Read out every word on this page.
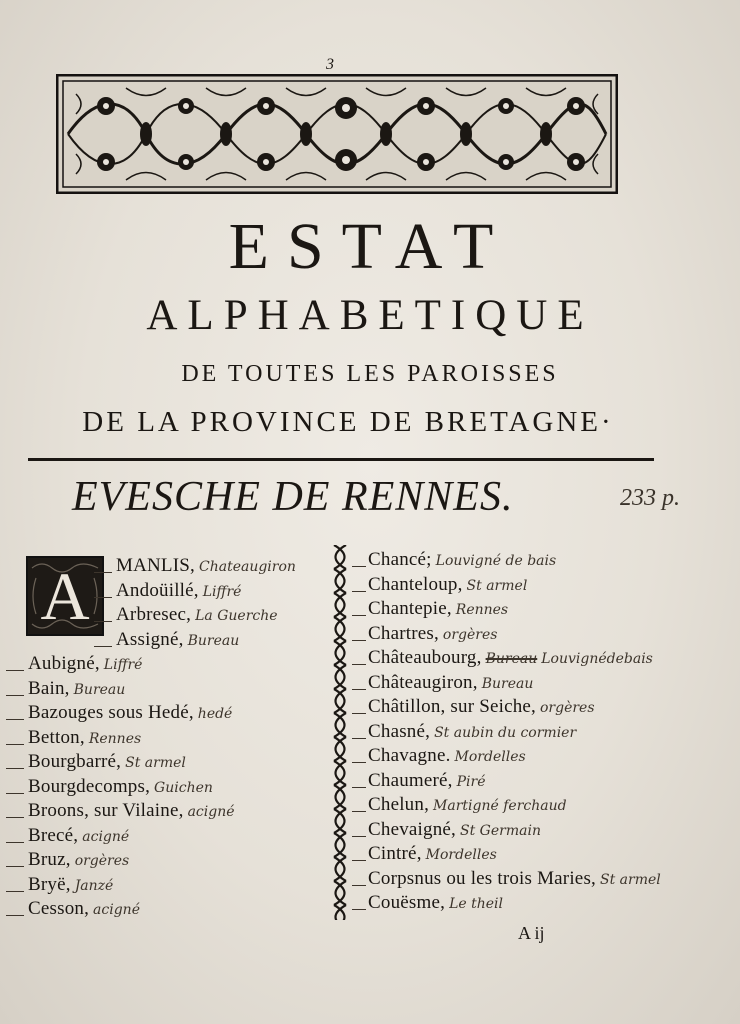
3
ESTAT
ALPHABETIQUE
DE TOUTES LES PAROISSES
DE LA PROVINCE DE BRETAGNE·
EVESCHE DE RENNES.	233 p.
A
A ij
MANLIS, Chateaugiron
Andoüillé, Liffré
Arbresec, La Guerche
Assigné, Bureau
Aubigné, Liffré
Bain, Bureau
Bazouges sous Hedé, hedé
Betton, Rennes
Bourgbarré, St armel
Bourgdecomps, Guichen
Broons, sur Vilaine, acigné
Brecé, acigné
Bruz, orgères
Bryë, Janzé
Cesson, acigné
Chancé; Louvigné de bais
Chanteloup, St armel
Chantepie, Rennes
Chartres, orgères
Châteaubourg, Bureau Louvignédebais
Châteaugiron, Bureau
Châtillon, sur Seiche, orgères
Chasné, St aubin du cormier
Chavagne. Mordelles
Chaumeré, Piré
Chelun, Martigné ferchaud
Chevaigné, St Germain
Cintré, Mordelles
Corpsnus ou les trois Maries, St armel
Couësme, Le theil
